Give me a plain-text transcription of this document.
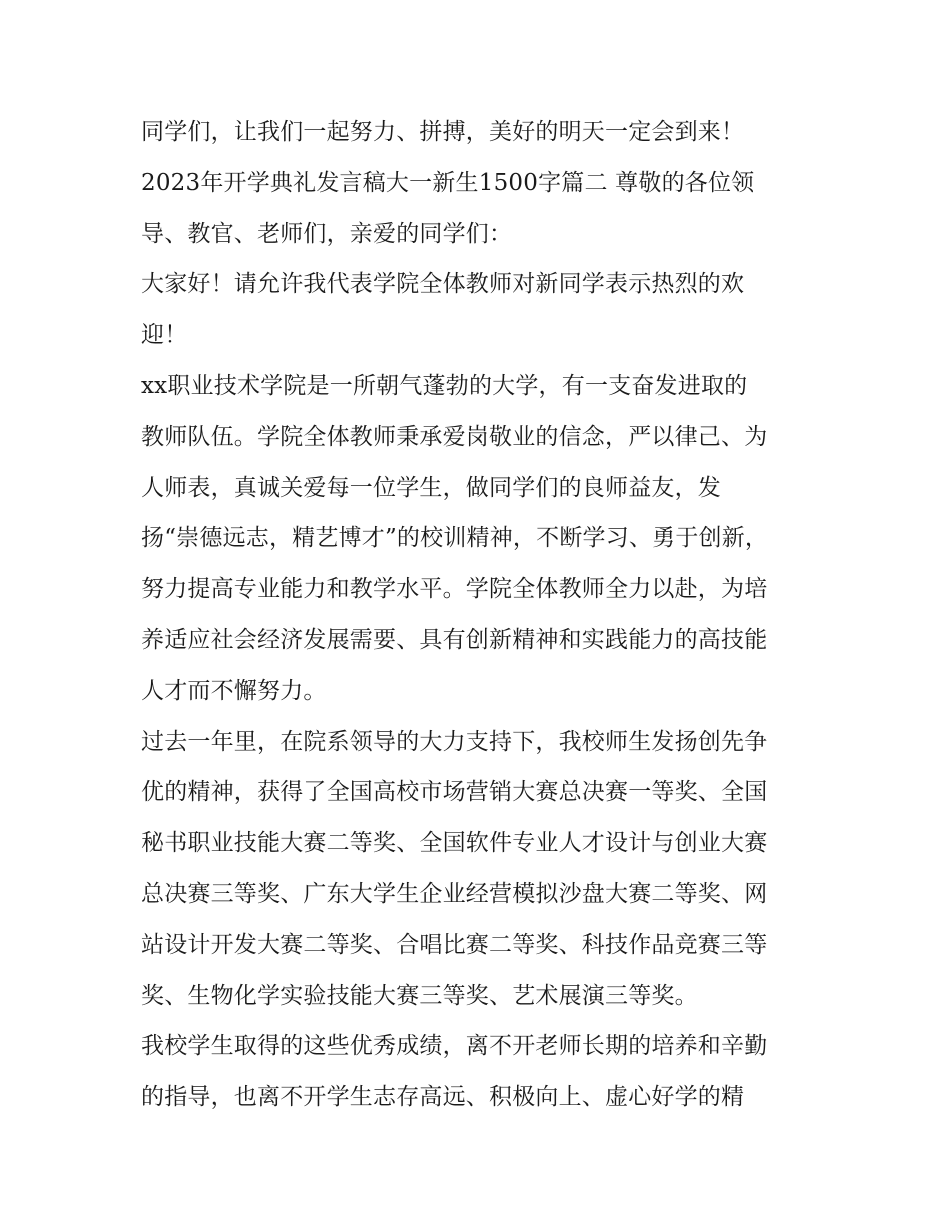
同学们，让我们一起努力、拼搏，美好的明天一定会到来！
2023年开学典礼发言稿大一新生1500字篇二 尊敬的各位领
导、教官、老师们，亲爱的同学们：
大家好！请允许我代表学院全体教师对新同学表示热烈的欢
迎！
xx职业技术学院是一所朝气蓬勃的大学，有一支奋发进取的
教师队伍。学院全体教师秉承爱岗敬业的信念，严以律己、为
人师表，真诚关爱每一位学生，做同学们的良师益友，发
扬“崇德远志，精艺博才”的校训精神，不断学习、勇于创新，
努力提高专业能力和教学水平。学院全体教师全力以赴，为培
养适应社会经济发展需要、具有创新精神和实践能力的高技能
人才而不懈努力。
过去一年里，在院系领导的大力支持下，我校师生发扬创先争
优的精神，获得了全国高校市场营销大赛总决赛一等奖、全国
秘书职业技能大赛二等奖、全国软件专业人才设计与创业大赛
总决赛三等奖、广东大学生企业经营模拟沙盘大赛二等奖、网
站设计开发大赛二等奖、合唱比赛二等奖、科技作品竞赛三等
奖、生物化学实验技能大赛三等奖、艺术展演三等奖。
我校学生取得的这些优秀成绩，离不开老师长期的培养和辛勤
的指导，也离不开学生志存高远、积极向上、虚心好学的精
